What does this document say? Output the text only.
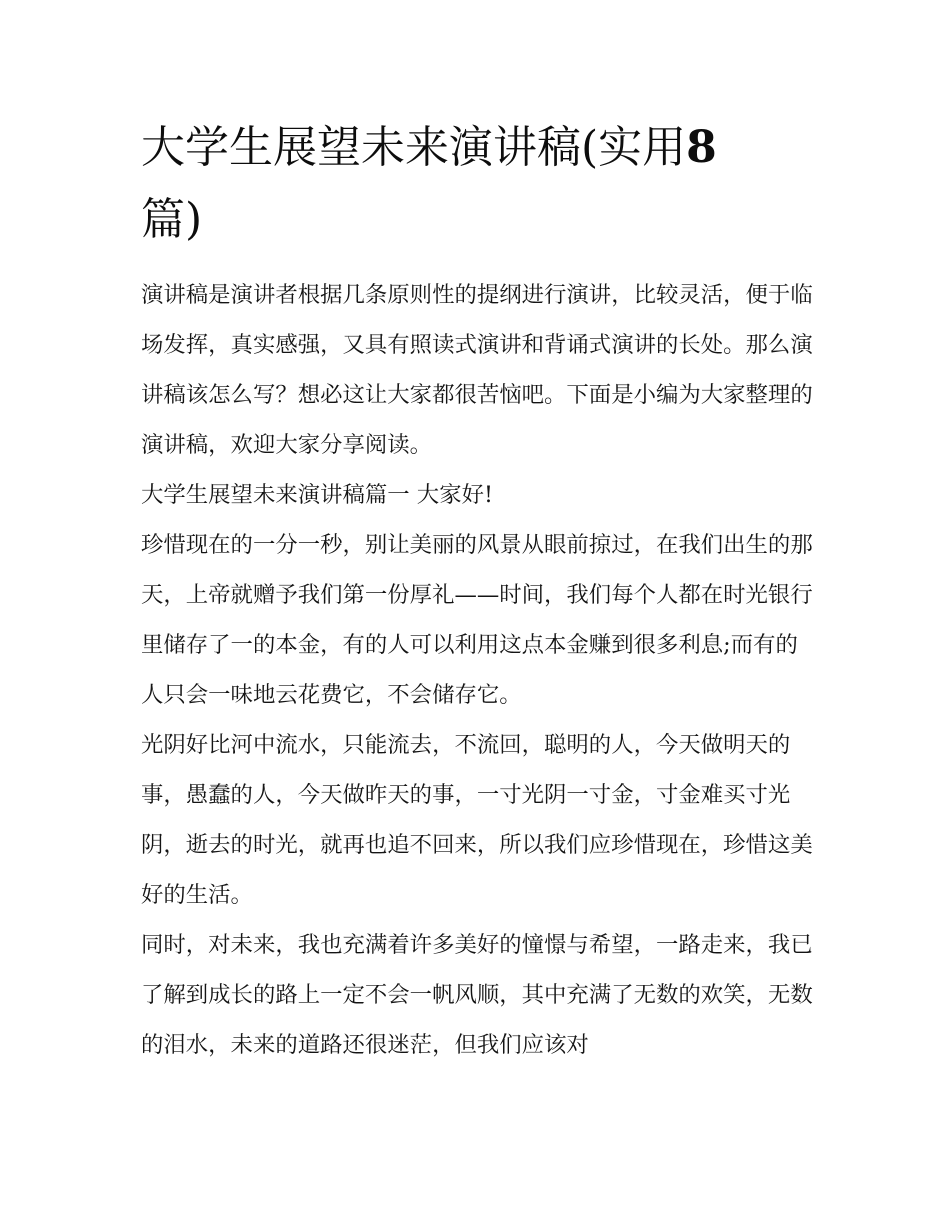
大学生展望未来演讲稿(实用8
篇)

演讲稿是演讲者根据几条原则性的提纲进行演讲，比较灵活，便于临场发挥，真实感强，又具有照读式演讲和背诵式演讲的长处。那么演讲稿该怎么写？想必这让大家都很苦恼吧。下面是小编为大家整理的演讲稿，欢迎大家分享阅读。

大学生展望未来演讲稿篇一 大家好!

珍惜现在的一分一秒，别让美丽的风景从眼前掠过，在我们出生的那天，上帝就赠予我们第一份厚礼——时间，我们每个人都在时光银行里储存了一的本金，有的人可以利用这点本金赚到很多利息;而有的人只会一味地云花费它，不会储存它。

光阴好比河中流水，只能流去，不流回，聪明的人，今天做明天的事，愚蠢的人，今天做昨天的事，一寸光阴一寸金，寸金难买寸光阴，逝去的时光，就再也追不回来，所以我们应珍惜现在，珍惜这美好的生活。

同时，对未来，我也充满着许多美好的憧憬与希望，一路走来，我已了解到成长的路上一定不会一帆风顺，其中充满了无数的欢笑，无数的泪水，未来的道路还很迷茫，但我们应该对
